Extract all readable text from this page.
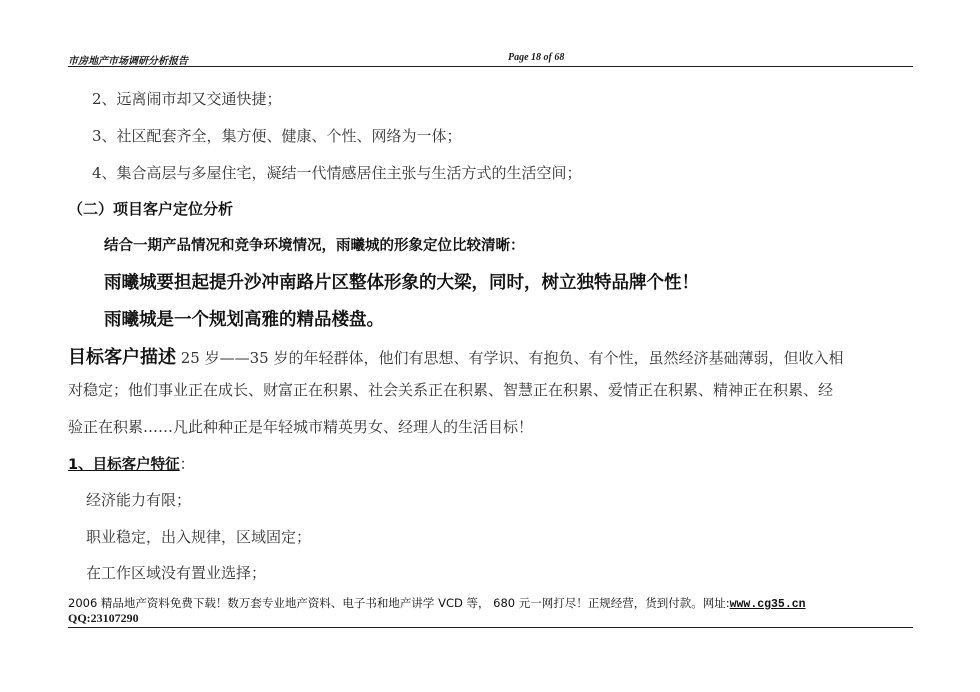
市房地产市场调研分析报告	Page 18 of 68
2、远离闹市却又交通快捷；
3、社区配套齐全，集方便、健康、个性、网络为一体；
4、集合高层与多屋住宅，凝结一代情感居住主张与生活方式的生活空间；
（二）项目客户定位分析
结合一期产品情况和竞争环境情况，雨曦城的形象定位比较清晰：
雨曦城要担起提升沙冲南路片区整体形象的大梁，同时，树立独特品牌个性！
雨曦城是一个规划高雅的精品楼盘。
目标客户描述 25 岁——35 岁的年轻群体，他们有思想、有学识、有抱负、有个性，虽然经济基础薄弱，但收入相
对稳定；他们事业正在成长、财富正在积累、社会关系正在积累、智慧正在积累、爱情正在积累、精神正在积累、经
验正在积累……凡此种种正是年轻城市精英男女、经理人的生活目标！
1、目标客户特征：
经济能力有限；
职业稳定，出入规律，区域固定；
在工作区域没有置业选择；
2006 精品地产资料免费下载！数万套专业地产资料、电子书和地产讲学 VCD 等， 680 元一网打尽！正规经营，货到付款。网址:www.cg35.cn
QQ:23107290
